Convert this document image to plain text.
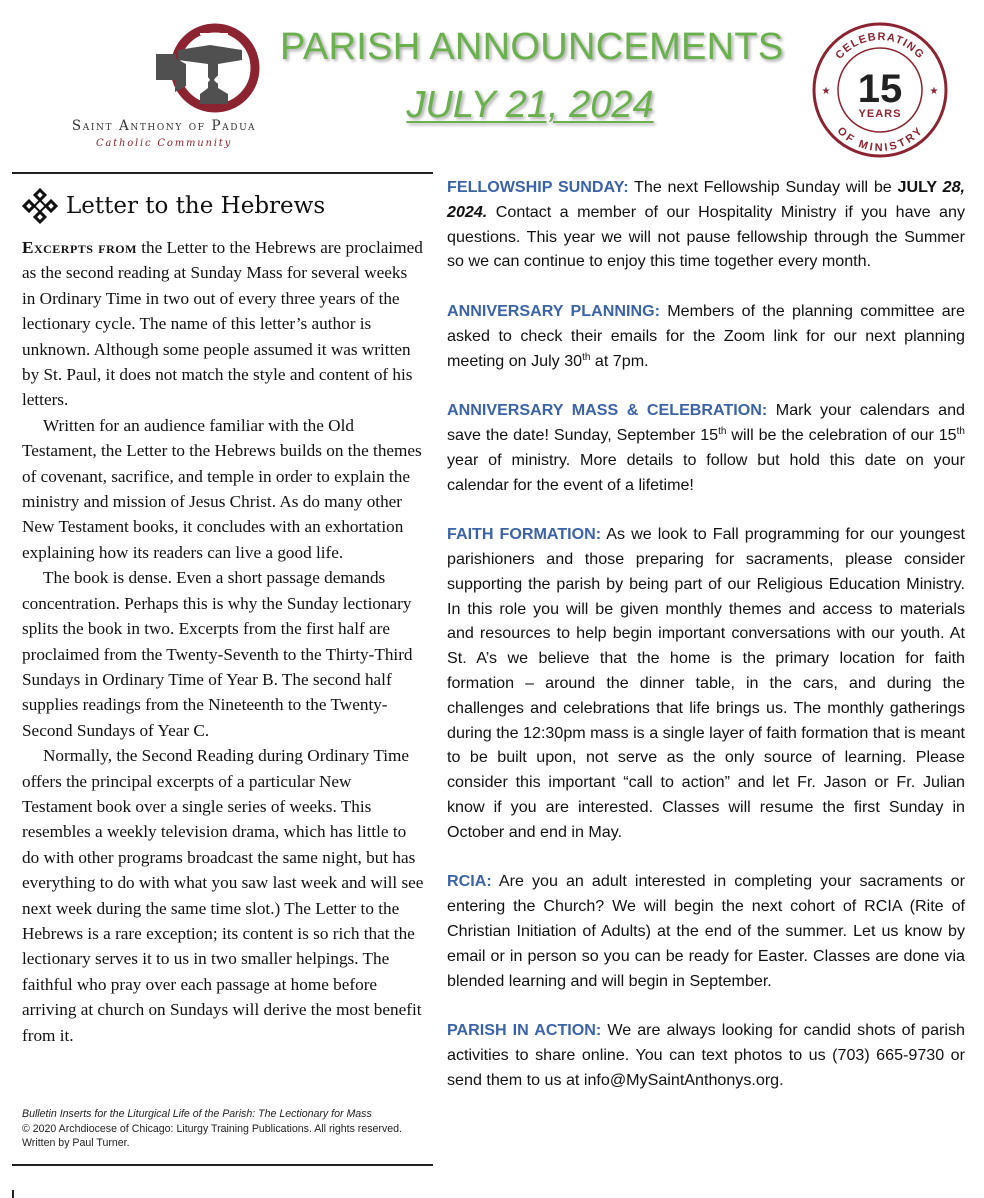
Saint Anthony of Padua
Catholic Community
PARISH ANNOUNCEMENTS
JULY 21, 2024
CELEBRATING
OF MINISTRY
15
YEARS
★	★
Letter to the Hebrews

Excerpts from the Letter to the Hebrews are proclaimed as the second reading at Sunday Mass for several weeks in Ordinary Time in two out of every three years of the lectionary cycle. The name of this letter’s author is unknown. Although some people assumed it was written by St. Paul, it does not match the style and content of his letters.

Written for an audience familiar with the Old Testament, the Letter to the Hebrews builds on the themes of covenant, sacrifice, and temple in order to explain the ministry and mission of Jesus Christ. As do many other New Testament books, it concludes with an exhortation explaining how its readers can live a good life.

The book is dense. Even a short passage demands concentration. Perhaps this is why the Sunday lectionary splits the book in two. Excerpts from the first half are proclaimed from the Twenty-Seventh to the Thirty-Third Sundays in Ordinary Time of Year B. The second half supplies readings from the Nineteenth to the Twenty-Second Sundays of Year C.

Normally, the Second Reading during Ordinary Time offers the principal excerpts of a particular New Testament book over a single series of weeks. This resembles a weekly television drama, which has little to do with other programs broadcast the same night, but has everything to do with what you saw last week and will see next week during the same time slot.) The Letter to the Hebrews is a rare exception; its content is so rich that the lectionary serves it to us in two smaller helpings. The faithful who pray over each passage at home before arriving at church on Sundays will derive the most benefit from it.

Bulletin Inserts for the Liturgical Life of the Parish: The Lectionary for Mass
© 2020 Archdiocese of Chicago: Liturgy Training Publications. All rights reserved. Written by Paul Turner.

FELLOWSHIP SUNDAY: The next Fellowship Sunday will be JULY 28, 2024. Contact a member of our Hospitality Ministry if you have any questions. This year we will not pause fellowship through the Summer so we can continue to enjoy this time together every month.

ANNIVERSARY PLANNING: Members of the planning committee are asked to check their emails for the Zoom link for our next planning meeting on July 30th at 7pm.

ANNIVERSARY MASS & CELEBRATION: Mark your calendars and save the date! Sunday, September 15th will be the celebration of our 15th year of ministry. More details to follow but hold this date on your calendar for the event of a lifetime!

FAITH FORMATION: As we look to Fall programming for our youngest parishioners and those preparing for sacraments, please consider supporting the parish by being part of our Religious Education Ministry. In this role you will be given monthly themes and access to materials and resources to help begin important conversations with our youth. At St. A’s we believe that the home is the primary location for faith formation – around the dinner table, in the cars, and during the challenges and celebrations that life brings us. The monthly gatherings during the 12:30pm mass is a single layer of faith formation that is meant to be built upon, not serve as the only source of learning. Please consider this important “call to action” and let Fr. Jason or Fr. Julian know if you are interested. Classes will resume the first Sunday in October and end in May.

RCIA: Are you an adult interested in completing your sacraments or entering the Church? We will begin the next cohort of RCIA (Rite of Christian Initiation of Adults) at the end of the summer. Let us know by email or in person so you can be ready for Easter. Classes are done via blended learning and will begin in September.

PARISH IN ACTION: We are always looking for candid shots of parish activities to share online. You can text photos to us (703) 665-9730 or send them to us at info@MySaintAnthonys.org.
